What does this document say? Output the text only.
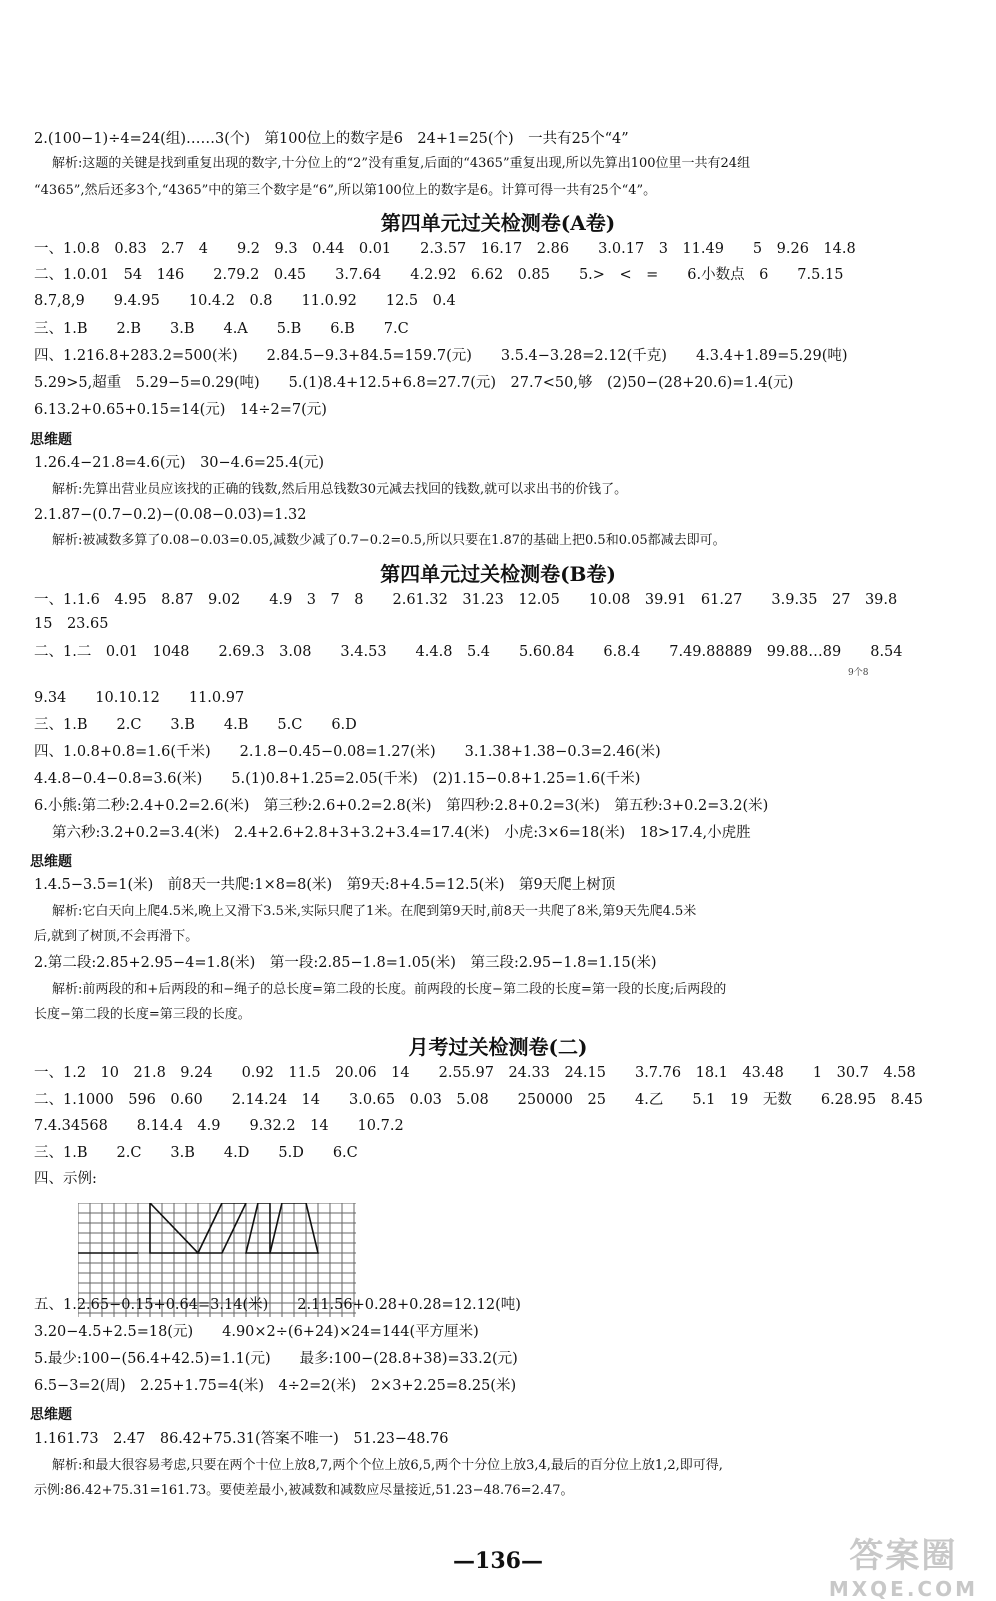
2.(100−1)÷4=24(组)……3(个)　第100位上的数字是6　24+1=25(个)　一共有25个“4”
解析:这题的关键是找到重复出现的数字,十分位上的“2”没有重复,后面的“4365”重复出现,所以先算出100位里一共有24组
“4365”,然后还多3个,“4365”中的第三个数字是“6”,所以第100位上的数字是6。计算可得一共有25个“4”。
第四单元过关检测卷(A卷)
一、1.0.8　0.83　2.7　4　　9.2　9.3　0.44　0.01　　2.3.57　16.17　2.86　　3.0.17　3　11.49　　5　9.26　14.8
二、1.0.01　54　146　　2.79.2　0.45　　3.7.64　　4.2.92　6.62　0.85　　5.>　<　=　　6.小数点　6　　7.5.15
8.7,8,9　　9.4.95　　10.4.2　0.8　　11.0.92　　12.5　0.4
三、1.B　　2.B　　3.B　　4.A　　5.B　　6.B　　7.C
四、1.216.8+283.2=500(米)　　2.84.5−9.3+84.5=159.7(元)　　3.5.4−3.28=2.12(千克)　　4.3.4+1.89=5.29(吨)
5.29>5,超重　5.29−5=0.29(吨)　　5.(1)8.4+12.5+6.8=27.7(元)　27.7<50,够　(2)50−(28+20.6)=1.4(元)
6.13.2+0.65+0.15=14(元)　14÷2=7(元)
思维题
1.26.4−21.8=4.6(元)　30−4.6=25.4(元)
解析:先算出营业员应该找的正确的钱数,然后用总钱数30元减去找回的钱数,就可以求出书的价钱了。
2.1.87−(0.7−0.2)−(0.08−0.03)=1.32
解析:被减数多算了0.08−0.03=0.05,减数少减了0.7−0.2=0.5,所以只要在1.87的基础上把0.5和0.05都减去即可。
第四单元过关检测卷(B卷)
一、1.1.6　4.95　8.87　9.02　　4.9　3　7　8　　2.61.32　31.23　12.05　　10.08　39.91　61.27　　3.9.35　27　39.8
15　23.65
二、1.二　0.01　1048　　2.69.3　3.08　　3.4.53　　4.4.8　5.4　　5.60.84　　6.8.4　　7.49.88889　99.88…89　　8.54
9个8
9.34　　10.10.12　　11.0.97
三、1.B　　2.C　　3.B　　4.B　　5.C　　6.D
四、1.0.8+0.8=1.6(千米)　　2.1.8−0.45−0.08=1.27(米)　　3.1.38+1.38−0.3=2.46(米)
4.4.8−0.4−0.8=3.6(米)　　5.(1)0.8+1.25=2.05(千米)　(2)1.15−0.8+1.25=1.6(千米)
6.小熊:第二秒:2.4+0.2=2.6(米)　第三秒:2.6+0.2=2.8(米)　第四秒:2.8+0.2=3(米)　第五秒:3+0.2=3.2(米)
第六秒:3.2+0.2=3.4(米)　2.4+2.6+2.8+3+3.2+3.4=17.4(米)　小虎:3×6=18(米)　18>17.4,小虎胜
思维题
1.4.5−3.5=1(米)　前8天一共爬:1×8=8(米)　第9天:8+4.5=12.5(米)　第9天爬上树顶
解析:它白天向上爬4.5米,晚上又滑下3.5米,实际只爬了1米。在爬到第9天时,前8天一共爬了8米,第9天先爬4.5米
后,就到了树顶,不会再滑下。
2.第二段:2.85+2.95−4=1.8(米)　第一段:2.85−1.8=1.05(米)　第三段:2.95−1.8=1.15(米)
解析:前两段的和+后两段的和−绳子的总长度=第二段的长度。前两段的长度−第二段的长度=第一段的长度;后两段的
长度−第二段的长度=第三段的长度。
月考过关检测卷(二)
一、1.2　10　21.8　9.24　　0.92　11.5　20.06　14　　2.55.97　24.33　24.15　　3.7.76　18.1　43.48　　1　30.7　4.58
二、1.1000　596　0.60　　2.14.24　14　　3.0.65　0.03　5.08　　250000　25　　4.乙　　5.1　19　无数　　6.28.95　8.45
7.4.34568　　8.14.4　4.9　　9.32.2　14　　10.7.2
三、1.B　　2.C　　3.B　　4.D　　5.D　　6.C
四、示例:
五、1.2.65−0.15+0.64=3.14(米)　　2.11.56+0.28+0.28=12.12(吨)
3.20−4.5+2.5=18(元)　　4.90×2÷(6+24)×24=144(平方厘米)
5.最少:100−(56.4+42.5)=1.1(元)　　最多:100−(28.8+38)=33.2(元)
6.5−3=2(周)　2.25+1.75=4(米)　4÷2=2(米)　2×3+2.25=8.25(米)
思维题
1.161.73　2.47　86.42+75.31(答案不唯一)　51.23−48.76
解析:和最大很容易考虑,只要在两个十位上放8,7,两个个位上放6,5,两个十分位上放3,4,最后的百分位上放1,2,即可得,
示例:86.42+75.31=161.73。要使差最小,被减数和减数应尽量接近,51.23−48.76=2.47。
—136—	答案圈
MXQE.COM
